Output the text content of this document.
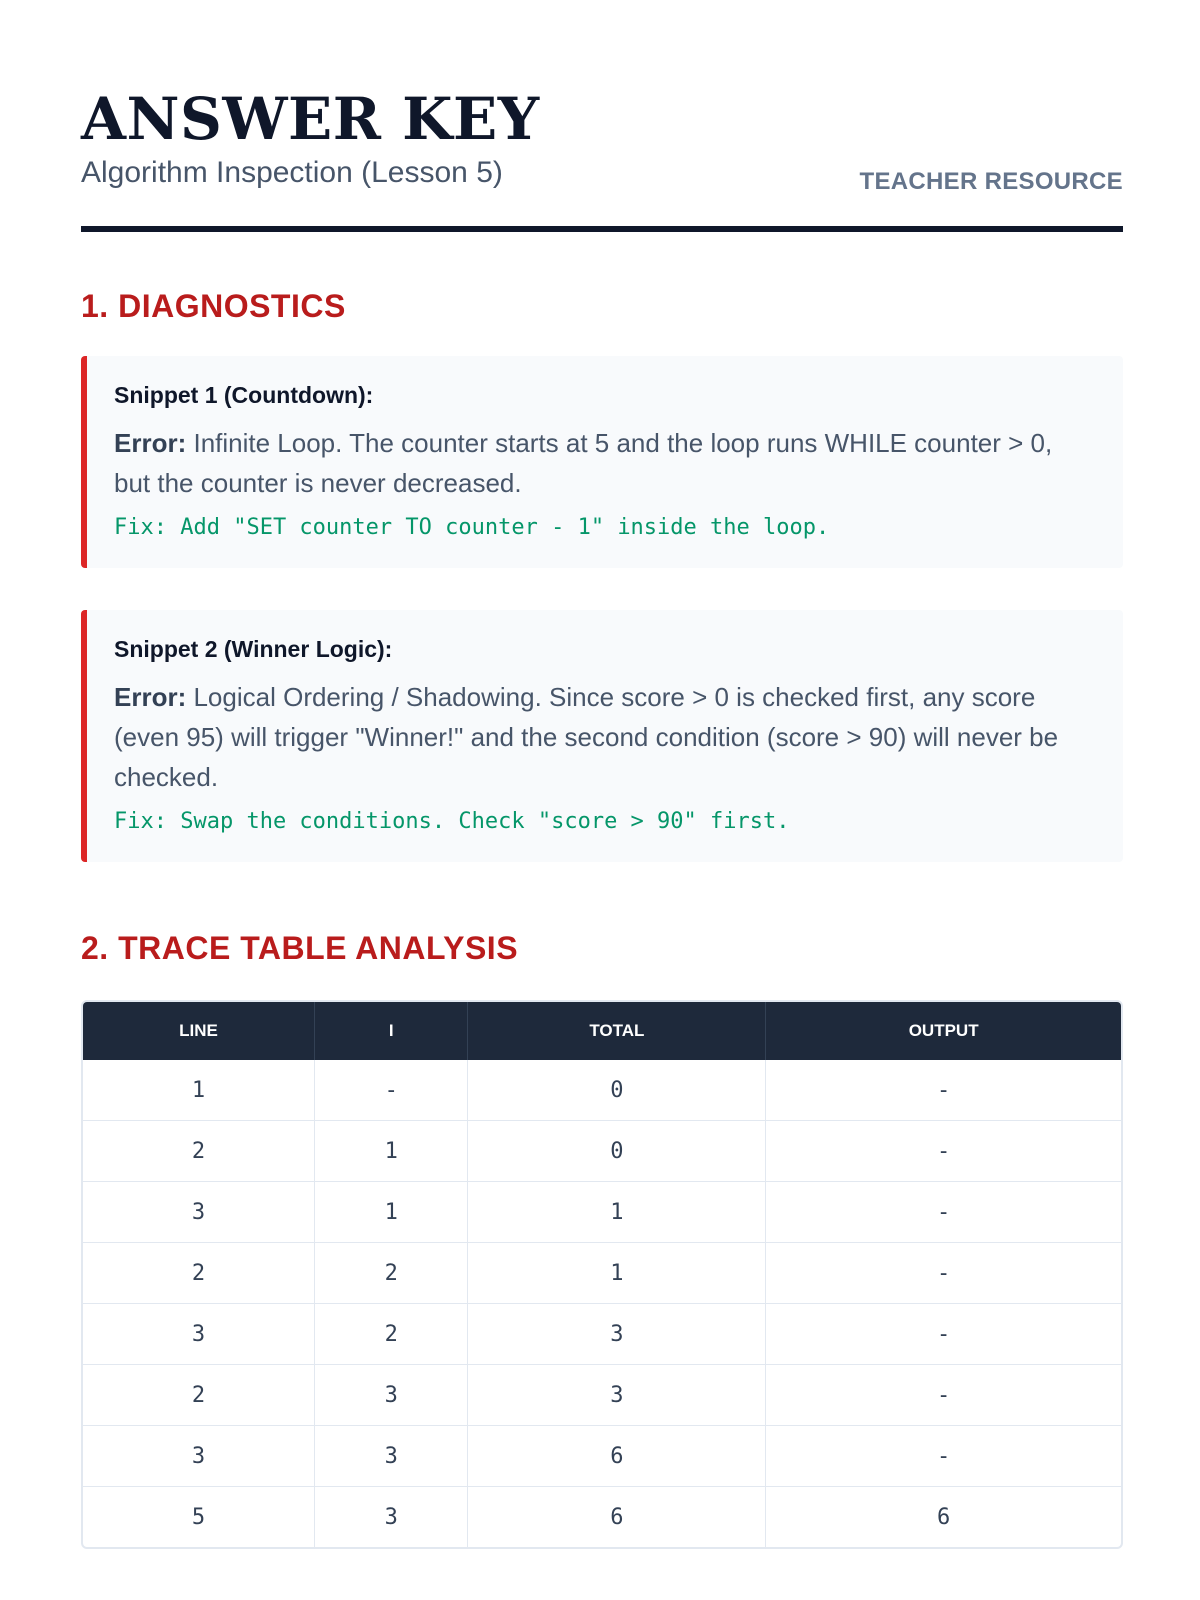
ANSWER KEY
Algorithm Inspection (Lesson 5)	TEACHER RESOURCE
1. DIAGNOSTICS
Snippet 1 (Countdown):

Error: Infinite Loop. The counter starts at 5 and the loop runs WHILE counter > 0, but the counter is never decreased.

Fix: Add "SET counter TO counter - 1" inside the loop.
Snippet 2 (Winner Logic):

Error: Logical Ordering / Shadowing. Since score > 0 is checked first, any score (even 95) will trigger "Winner!" and the second condition (score > 90) will never be checked.

Fix: Swap the conditions. Check "score > 90" first.
2. TRACE TABLE ANALYSIS
LINE	I	TOTAL	OUTPUT
1	-	0	-
2	1	0	-
3	1	1	-
2	2	1	-
3	2	3	-
2	3	3	-
3	3	6	-
5	3	6	6
